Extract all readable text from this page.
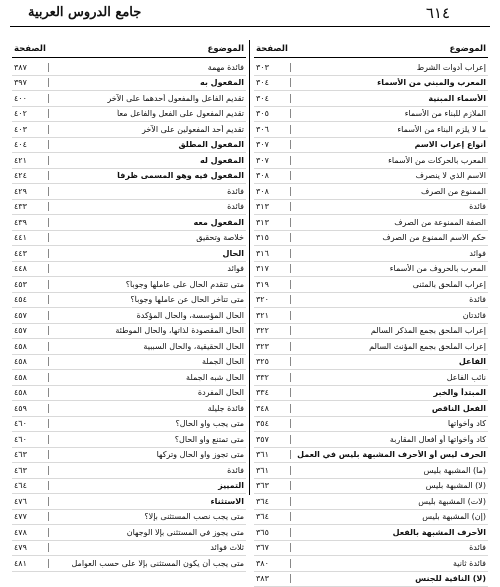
جامع الدروس العربية	٦١٤
الموضوع
الصفحة
إعراب أدوات الشرط
٣٠٣
المعرب والمبني من الأسماء
٣٠٤
الأسماء المبنية
٣٠٤
الملازم للبناء من الأسماء
٣٠٥
ما لا يلزم البناء من الأسماء
٣٠٦
أنواع إعراب الاسم
٣٠٧
المعرب بالحركات من الأسماء
٣٠٧
الاسم الذي لا ينصرف
٣٠٨
الممنوع من الصرف
٣٠٨
فائدة
٣١٣
الصفة الممنوعة من الصرف
٣١٣
حكم الاسم الممنوع من الصرف
٣١٥
فوائد
٣١٦
المعرب بالحروف من الأسماء
٣١٧
إعراب الملحق بالمثنى
٣١٩
فائدة
٣٢٠
فائدتان
٣٢١
إعراب الملحق بجمع المذكر السالم
٣٢٢
إعراب الملحق بجمع المؤنث السالم
٣٢٣
الفاعل
٣٢٥
نائب الفاعل
٣٣٢
المبتدأ والخبر
٣٣٤
الفعل الناقص
٣٤٨
كاد وأخواتها
٣٥٤
كاد وأخواتها أو أفعال المقاربة
٣٥٧
الحرف ليس أو الأحرف المشبهة بليس في العمل
٣٦١
(ما) المشبهة بليس
٣٦١
(لا) المشبهة بليس
٣٦٣
(لات) المشبهة بليس
٣٦٤
(إن) المشبهة بليس
٣٦٤
الأحرف المشبهة بالفعل
٣٦٥
فائدة
٣٦٧
فائدة ثانية
٣٨٠
(لا) النافية للجنس
٣٨٣
الموضوع
الصفحة
فائدة مهمة
٣٨٧
المفعول به
٣٩٧
تقديم الفاعل والمفعول أحدهما على الآخر
٤٠٠
تقديم المفعول على الفعل والفاعل معاً
٤٠٢
تقديم أحد المفعولين على الآخر
٤٠٣
المفعول المطلق
٤٠٤
المفعول له
٤٢١
المفعول فيه وهو المسمى ظرفاً
٤٢٤
فائدة
٤٢٩
فائدة
٤٣٣
المفعول معه
٤٣٩
خلاصة وتحقيق
٤٤١
الحال
٤٤٣
فوائد
٤٤٨
متى تتقدم الحال على عاملها وجوباً؟
٤٥٣
متى تتأخر الحال عن عاملها وجوباً؟
٤٥٤
الحال المؤسسة، والحال المؤكدة
٤٥٧
الحال المقصودة لذاتها، والحال الموطئة
٤٥٧
الحال الحقيقية، والحال السببية
٤٥٨
الحال الجملة
٤٥٨
الحال شبه الجملة
٤٥٨
الحال المفردة
٤٥٨
فائدة جليلة
٤٥٩
متى يجب واو الحال؟
٤٦٠
متى تمتنع واو الحال؟
٤٦٠
متى تجوز واو الحال وتركها
٤٦٣
فائدة
٤٦٣
التمييز
٤٦٤
الاستثناء
٤٧٦
متى يجب نصب المستثنى بإلا؟
٤٧٧
متى يجوز في المستثنى بإلا الوجهان
٤٧٨
ثلاث فوائد
٤٧٩
متى يجب أن يكون المستثنى بإلا على حسب العوامل
٤٨١
